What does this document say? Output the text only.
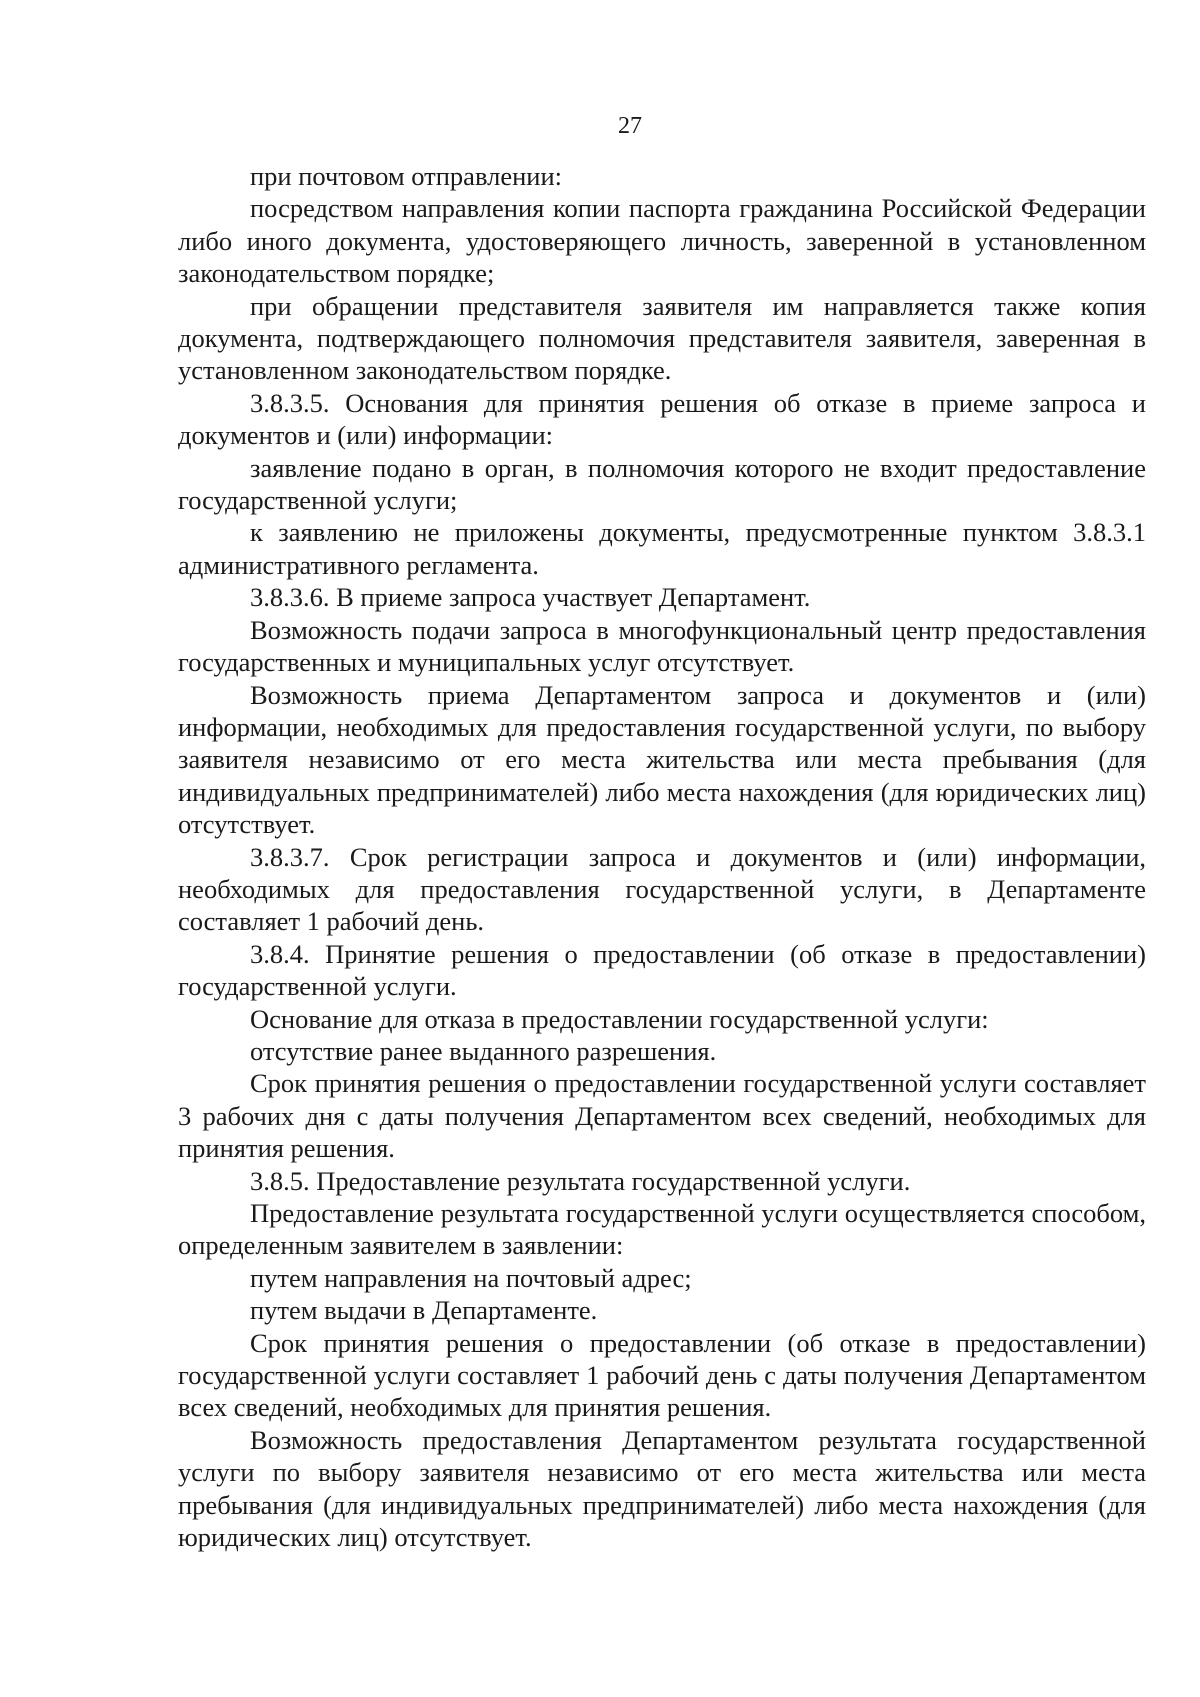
27

при почтовом отправлении:

посредством направления копии паспорта гражданина Российской Федерации либо иного документа, удостоверяющего личность, заверенной в установленном законодательством порядке;

при обращении представителя заявителя им направляется также копия документа, подтверждающего полномочия представителя заявителя, заверенная в установленном законодательством порядке.

3.8.3.5. Основания для принятия решения об отказе в приеме запроса и документов и (или) информации:

заявление подано в орган, в полномочия которого не входит предоставление государственной услуги;

к заявлению не приложены документы, предусмотренные пунктом 3.8.3.1 административного регламента.

3.8.3.6. В приеме запроса участвует Департамент.

Возможность подачи запроса в многофункциональный центр предоставления государственных и муниципальных услуг отсутствует.

Возможность приема Департаментом запроса и документов и (или) информации, необходимых для предоставления государственной услуги, по выбору заявителя независимо от его места жительства или места пребывания (для индивидуальных предпринимателей) либо места нахождения (для юридических лиц) отсутствует.

3.8.3.7. Срок регистрации запроса и документов и (или) информации, необходимых для предоставления государственной услуги, в Департаменте составляет 1 рабочий день.

3.8.4. Принятие решения о предоставлении (об отказе в предоставлении) государственной услуги.

Основание для отказа в предоставлении государственной услуги:

отсутствие ранее выданного разрешения.

Срок принятия решения о предоставлении государственной услуги составляет 3 рабочих дня с даты получения Департаментом всех сведений, необходимых для принятия решения.

3.8.5. Предоставление результата государственной услуги.

Предоставление результата государственной услуги осуществляется способом, определенным заявителем в заявлении:

путем направления на почтовый адрес;

путем выдачи в Департаменте.

Срок принятия решения о предоставлении (об отказе в предоставлении) государственной услуги составляет 1 рабочий день с даты получения Департаментом всех сведений, необходимых для принятия решения.

Возможность предоставления Департаментом результата государственной услуги по выбору заявителя независимо от его места жительства или места пребывания (для индивидуальных предпринимателей) либо места нахождения (для юридических лиц) отсутствует.
